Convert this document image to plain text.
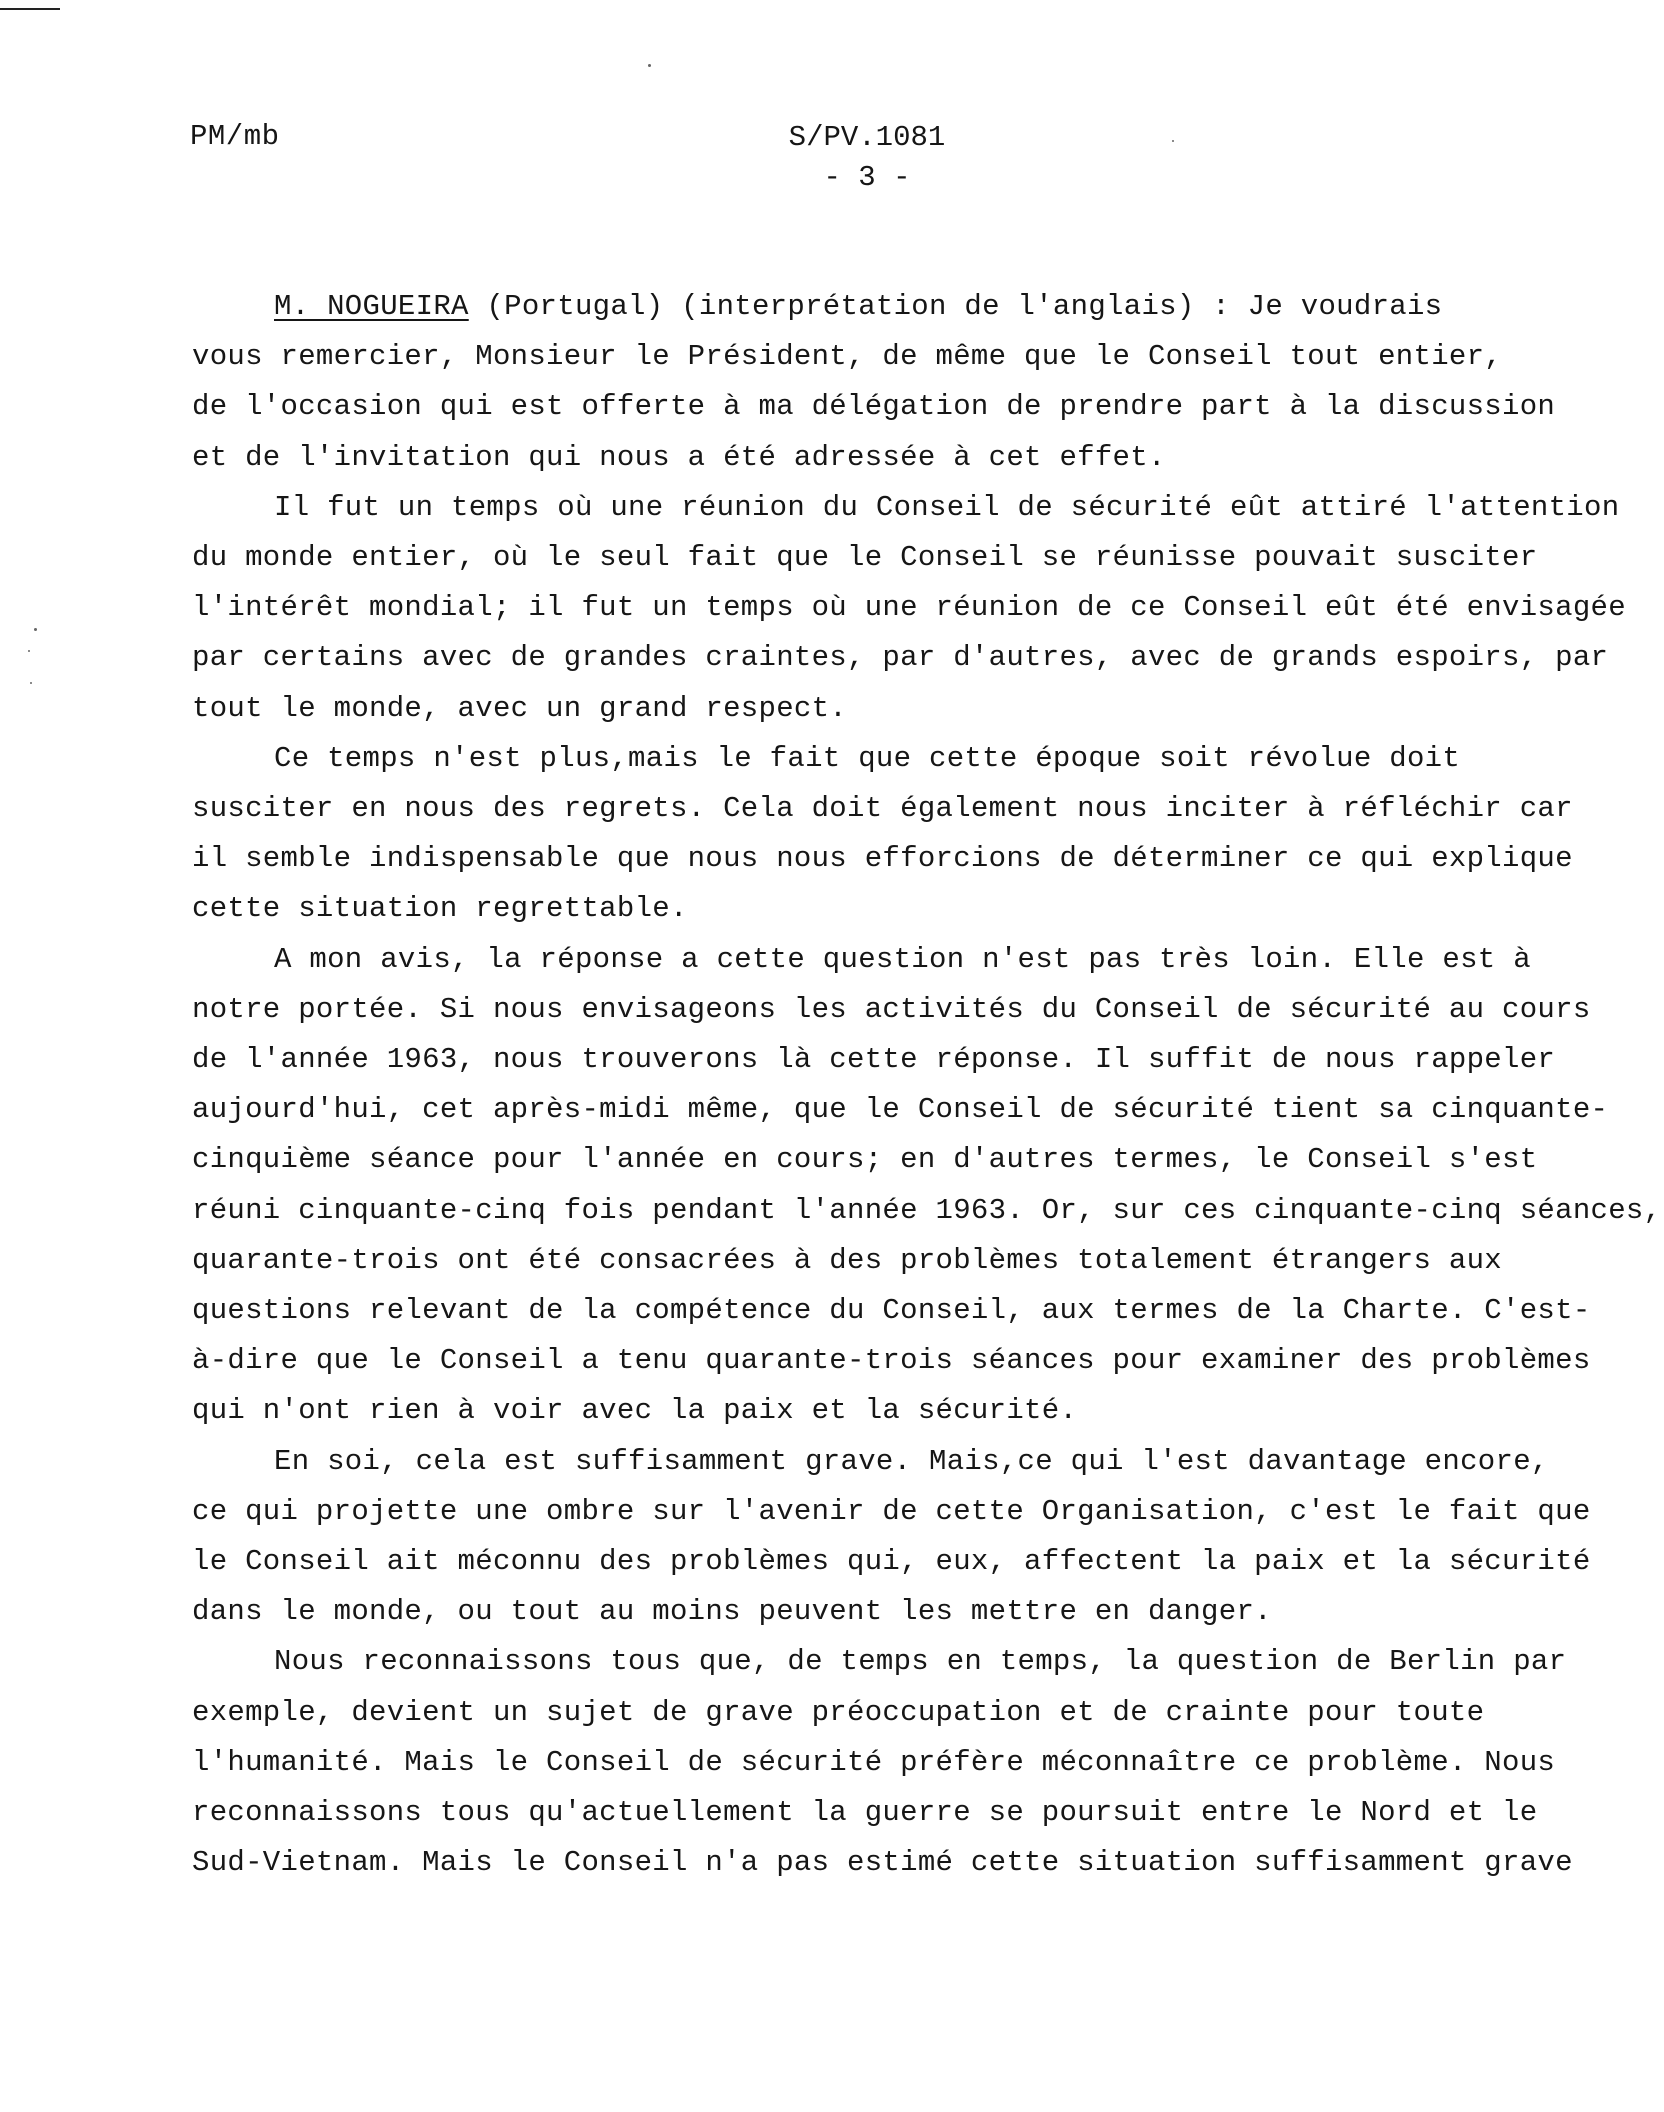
PM/mb	S/PV.1081
- 3 -
M. NOGUEIRA (Portugal) (interprétation de l'anglais) : Je voudrais
vous remercier, Monsieur le Président, de même que le Conseil tout entier,
de l'occasion qui est offerte à ma délégation de prendre part à la discussion
et de l'invitation qui nous a été adressée à cet effet.
Il fut un temps où une réunion du Conseil de sécurité eût attiré l'attention
du monde entier, où le seul fait que le Conseil se réunisse pouvait susciter
l'intérêt mondial; il fut un temps où une réunion de ce Conseil eût été envisagée
par certains avec de grandes craintes, par d'autres, avec de grands espoirs, par
tout le monde, avec un grand respect.
Ce temps n'est plus,mais le fait que cette époque soit révolue doit
susciter en nous des regrets. Cela doit également nous inciter à réfléchir car
il semble indispensable que nous nous efforcions de déterminer ce qui explique
cette situation regrettable.
A mon avis, la réponse a cette question n'est pas très loin. Elle est à
notre portée. Si nous envisageons les activités du Conseil de sécurité au cours
de l'année 1963, nous trouverons là cette réponse. Il suffit de nous rappeler
aujourd'hui, cet après-midi même, que le Conseil de sécurité tient sa cinquante-
cinquième séance pour l'année en cours; en d'autres termes, le Conseil s'est
réuni cinquante-cinq fois pendant l'année 1963. Or, sur ces cinquante-cinq séances,
quarante-trois ont été consacrées à des problèmes totalement étrangers aux
questions relevant de la compétence du Conseil, aux termes de la Charte. C'est-
à-dire que le Conseil a tenu quarante-trois séances pour examiner des problèmes
qui n'ont rien à voir avec la paix et la sécurité.
En soi, cela est suffisamment grave. Mais,ce qui l'est davantage encore,
ce qui projette une ombre sur l'avenir de cette Organisation, c'est le fait que
le Conseil ait méconnu des problèmes qui, eux, affectent la paix et la sécurité
dans le monde, ou tout au moins peuvent les mettre en danger.
Nous reconnaissons tous que, de temps en temps, la question de Berlin par
exemple, devient un sujet de grave préoccupation et de crainte pour toute
l'humanité. Mais le Conseil de sécurité préfère méconnaître ce problème. Nous
reconnaissons tous qu'actuellement la guerre se poursuit entre le Nord et le
Sud-Vietnam. Mais le Conseil n'a pas estimé cette situation suffisamment grave
